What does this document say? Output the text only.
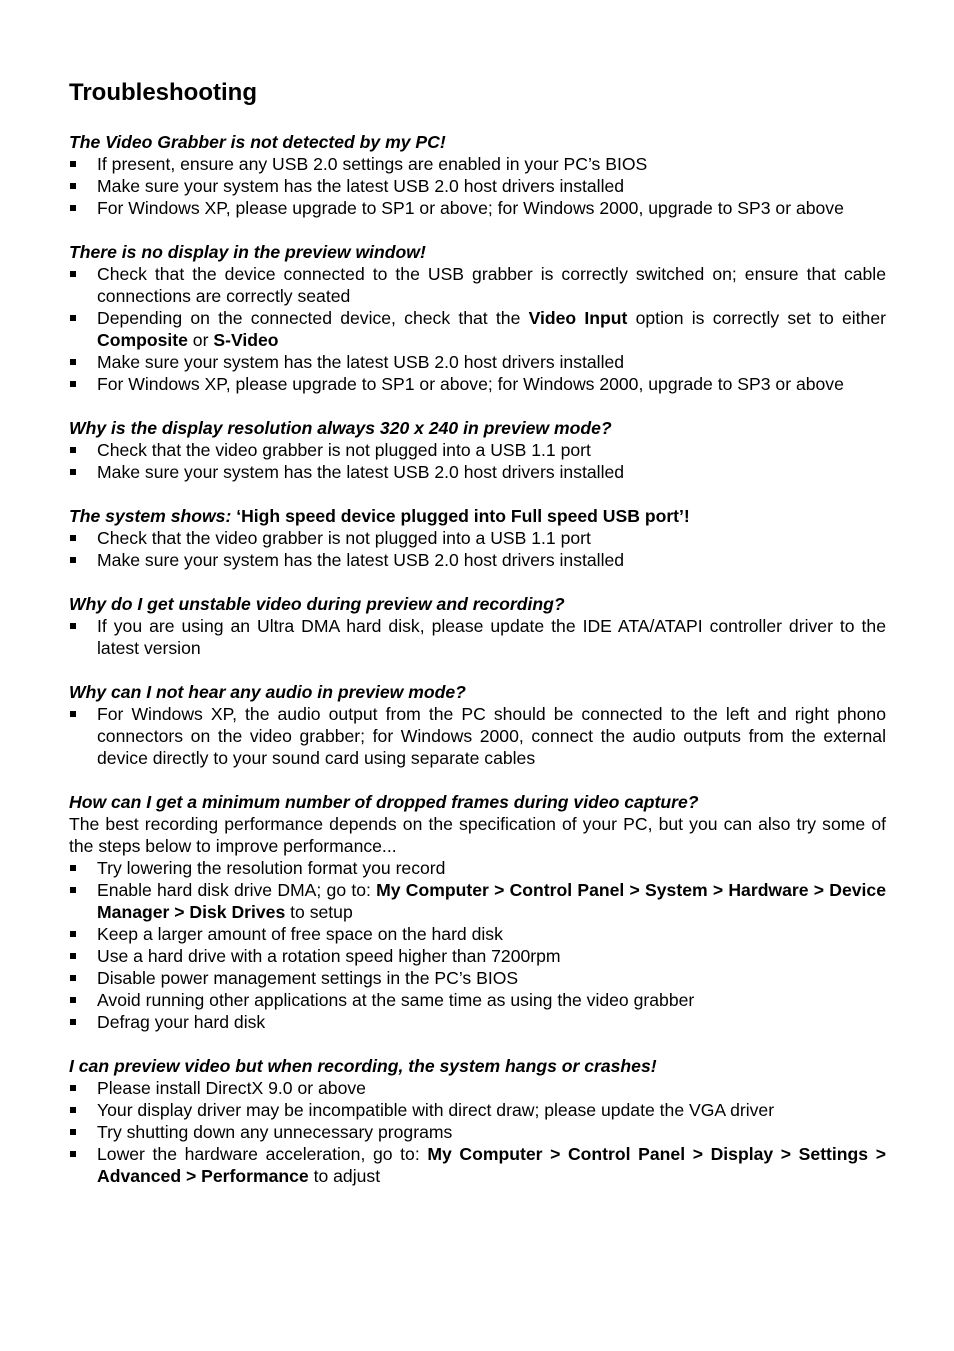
Troubleshooting

The Video Grabber is not detected by my PC!

If present, ensure any USB 2.0 settings are enabled in your PC’s BIOS
Make sure your system has the latest USB 2.0 host drivers installed
For Windows XP, please upgrade to SP1 or above; for Windows 2000, upgrade to SP3 or above

There is no display in the preview window!

Check that the device connected to the USB grabber is correctly switched on; ensure that cable connections are correctly seated
Depending on the connected device, check that the Video Input option is correctly set to either Composite or S-Video
Make sure your system has the latest USB 2.0 host drivers installed
For Windows XP, please upgrade to SP1 or above; for Windows 2000, upgrade to SP3 or above

Why is the display resolution always 320 x 240 in preview mode?

Check that the video grabber is not plugged into a USB 1.1 port
Make sure your system has the latest USB 2.0 host drivers installed

The system shows: ‘High speed device plugged into Full speed USB port’!

Check that the video grabber is not plugged into a USB 1.1 port
Make sure your system has the latest USB 2.0 host drivers installed

Why do I get unstable video during preview and recording?

If you are using an Ultra DMA hard disk, please update the IDE ATA/ATAPI controller driver to the latest version

Why can I not hear any audio in preview mode?

For Windows XP, the audio output from the PC should be connected to the left and right phono connectors on the video grabber; for Windows 2000, connect the audio outputs from the external device directly to your sound card using separate cables

How can I get a minimum number of dropped frames during video capture?

The best recording performance depends on the specification of your PC, but you can also try some of the steps below to improve performance...

Try lowering the resolution format you record
Enable hard disk drive DMA; go to: My Computer > Control Panel > System > Hardware > Device Manager > Disk Drives to setup
Keep a larger amount of free space on the hard disk
Use a hard drive with a rotation speed higher than 7200rpm
Disable power management settings in the PC’s BIOS
Avoid running other applications at the same time as using the video grabber
Defrag your hard disk

I can preview video but when recording, the system hangs or crashes!

Please install DirectX 9.0 or above
Your display driver may be incompatible with direct draw; please update the VGA driver
Try shutting down any unnecessary programs
Lower the hardware acceleration, go to: My Computer > Control Panel > Display > Settings > Advanced > Performance to adjust
